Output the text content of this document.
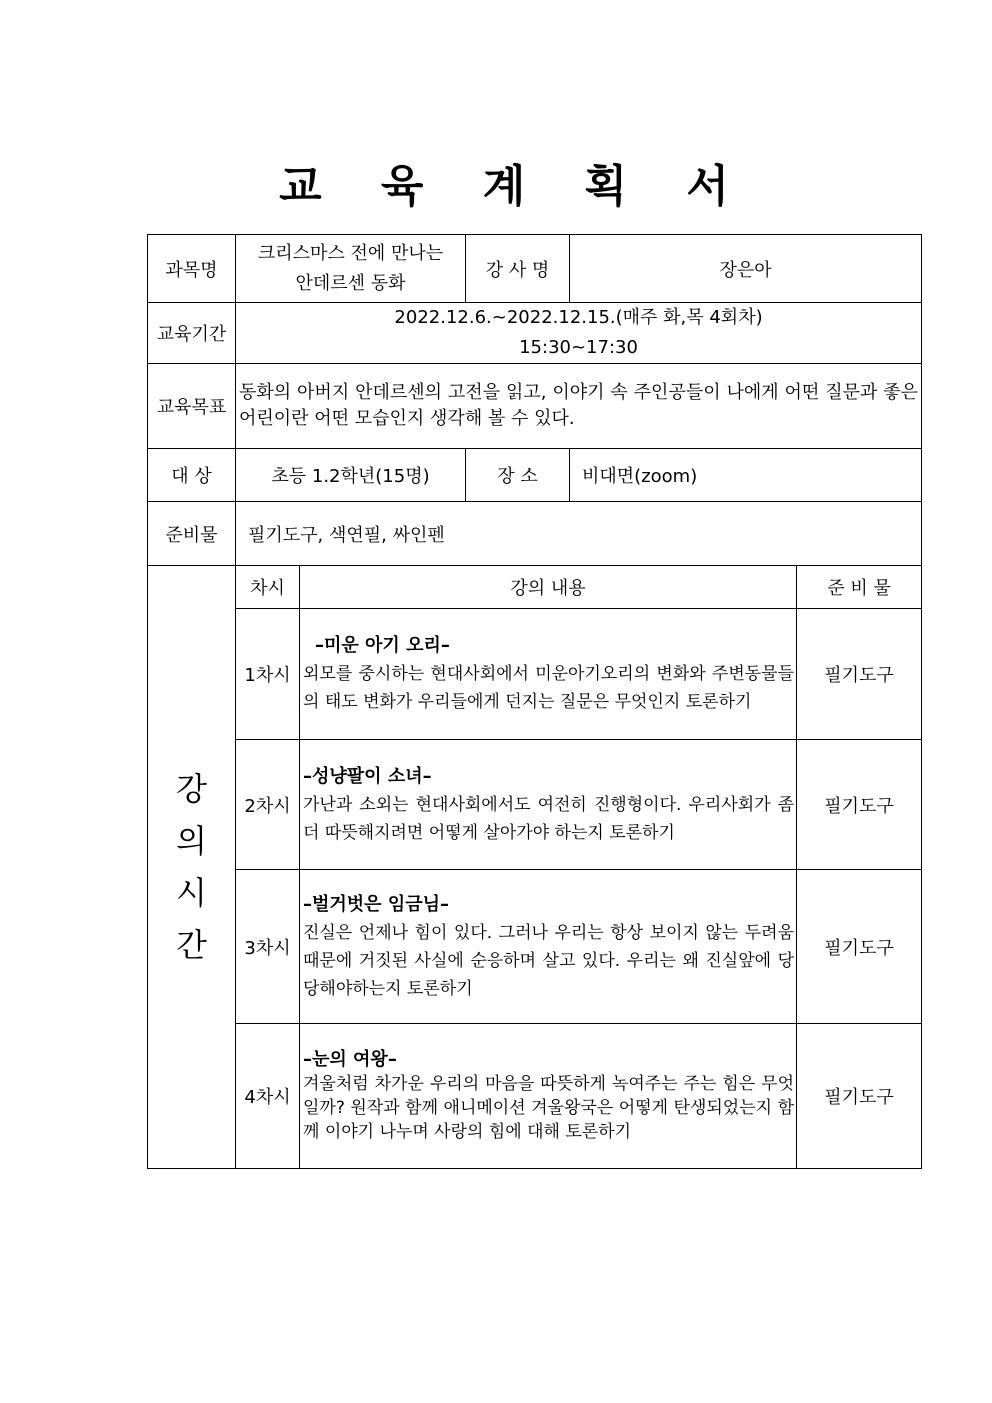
교 육 계 획 서
과목명	크리스마스 전에 만나는
안데르센 동화		강 사 명	장은아	
교육기간	2022.12.6.~2022.12.15.(매주 화,목 4회차)
15:30~17:30				

교육목표	동화의 아버지 안데르센의 고전을 읽고, 이야기 속 주인공들이 나에게 어떤 질문과 좋은 어린이란 어떤 모습인지 생각해 볼 수 있다.				
대 상	초등 1.2학년(15명)		장 소	비대면(zoom)	
준비물	필기도구, 색연필, 싸인펜				

강
의
시
간	차시	강의 내용			준 비 물
	1차시	–미운 아기 오리–
외모를 중시하는 현대사회에서 미운아기오리의 변화와 주변동물들의 태도 변화가 우리들에게 던지는 질문은 무엇인지 토론하기			필기도구
	2차시	–성냥팔이 소녀–
가난과 소외는 현대사회에서도 여전히 진행형이다. 우리사회가 좀 더 따뜻해지려면 어떻게 살아가야 하는지 토론하기			필기도구
	3차시	–벌거벗은 임금님–
진실은 언제나 힘이 있다. 그러나 우리는 항상 보이지 않는 두려움 때문에 거짓된 사실에 순응하며 살고 있다. 우리는 왜 진실앞에 당당해야하는지 토론하기			필기도구
	4차시	–눈의 여왕–
겨울처럼 차가운 우리의 마음을 따뜻하게 녹여주는 주는 힘은 무엇일까? 원작과 함께 애니메이션 겨울왕국은 어떻게 탄생되었는지 함께 이야기 나누며 사랑의 힘에 대해 토론하기			필기도구
